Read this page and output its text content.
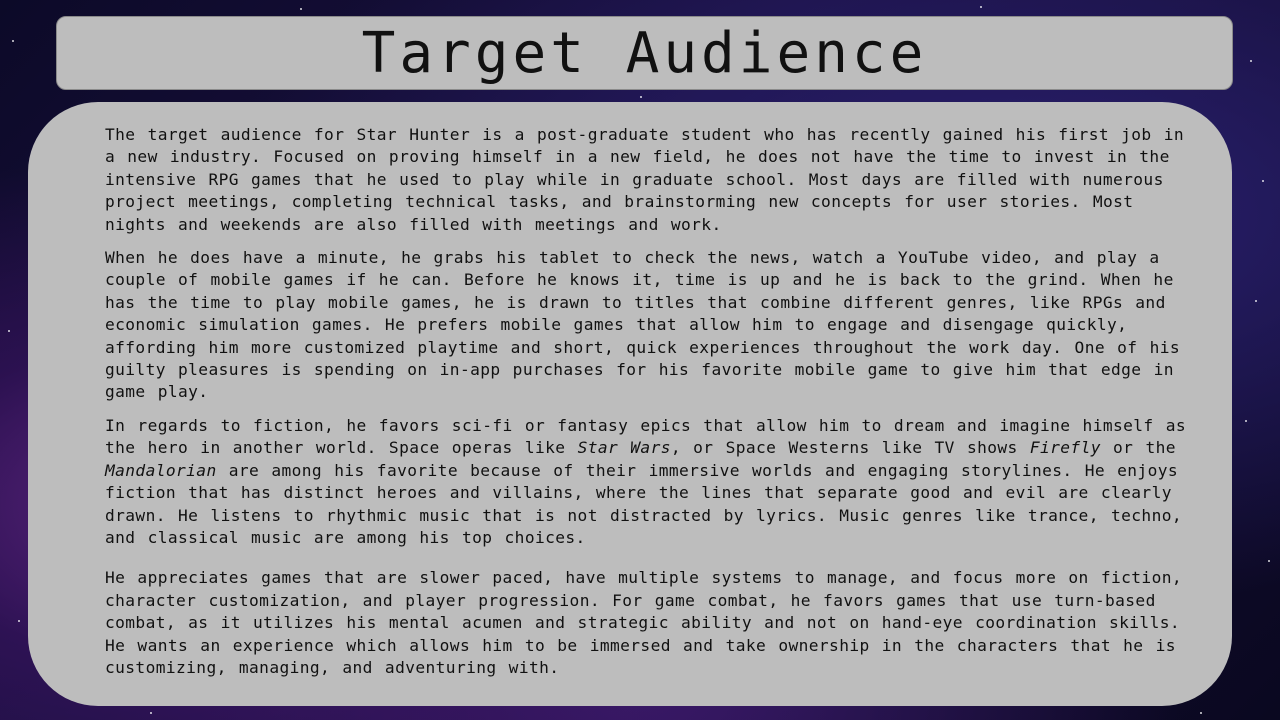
Target Audience

The target audience for Star Hunter is a post-graduate student who has recently gained his first job in a new industry. Focused on proving himself in a new field, he does not have the time to invest in the intensive RPG games that he used to play while in graduate school. Most days are filled with numerous project meetings, completing technical tasks, and brainstorming new concepts for user stories. Most nights and weekends are also filled with meetings and work.

When he does have a minute, he grabs his tablet to check the news, watch a YouTube video, and play a couple of mobile games if he can. Before he knows it, time is up and he is back to the grind. When he has the time to play mobile games, he is drawn to titles that combine different genres, like RPGs and economic simulation games. He prefers mobile games that allow him to engage and disengage quickly, affording him more customized playtime and short, quick experiences throughout the work day. One of his guilty pleasures is spending on in-app purchases for his favorite mobile game to give him that edge in game play.

In regards to fiction, he favors sci-fi or fantasy epics that allow him to dream and imagine himself as the hero in another world. Space operas like Star Wars, or Space Westerns like TV shows Firefly or the Mandalorian are among his favorite because of their immersive worlds and engaging storylines. He enjoys fiction that has distinct heroes and villains, where the lines that separate good and evil are clearly drawn. He listens to rhythmic music that is not distracted by lyrics. Music genres like trance, techno, and classical music are among his top choices.

He appreciates games that are slower paced, have multiple systems to manage, and focus more on fiction, character customization, and player progression. For game combat, he favors games that use turn-based combat, as it utilizes his mental acumen and strategic ability and not on hand-eye coordination skills. He wants an experience which allows him to be immersed and take ownership in the characters that he is customizing, managing, and adventuring with.
